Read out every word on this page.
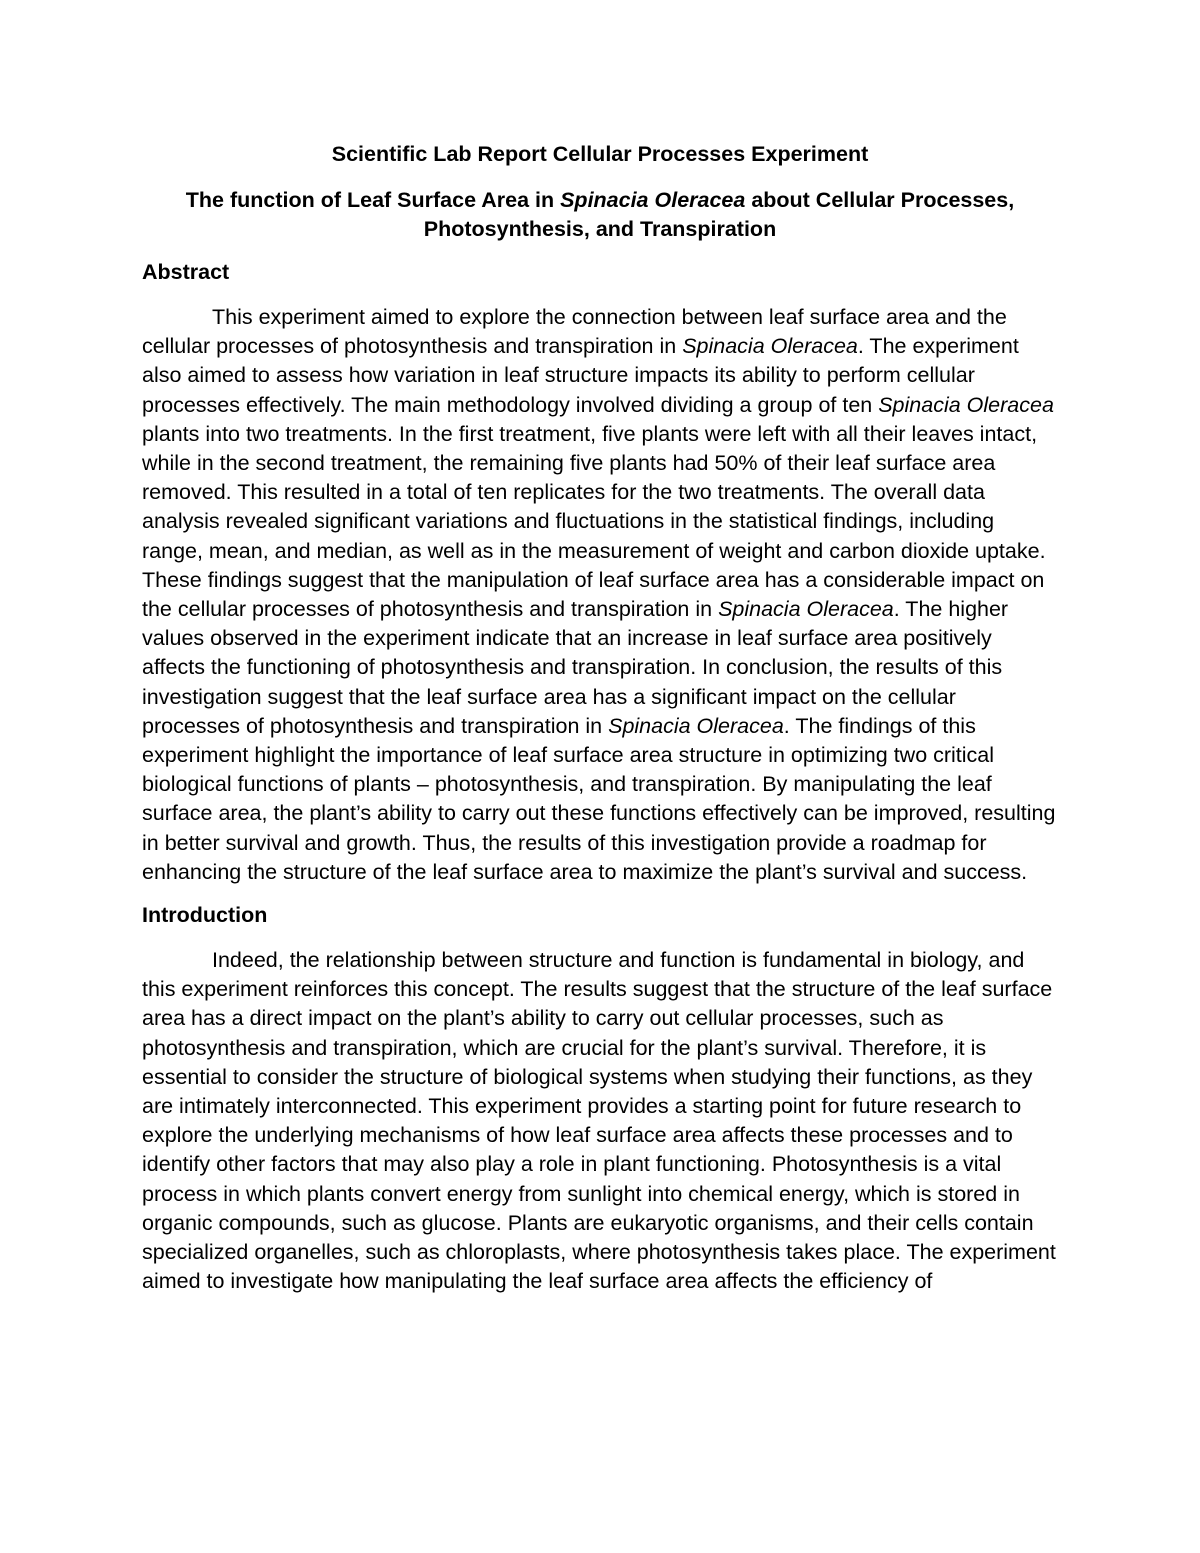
Scientific Lab Report Cellular Processes Experiment
The function of Leaf Surface Area in Spinacia Oleracea about Cellular Processes, Photosynthesis, and Transpiration
Abstract

This experiment aimed to explore the connection between leaf surface area and the cellular processes of photosynthesis and transpiration in Spinacia Oleracea. The experiment also aimed to assess how variation in leaf structure impacts its ability to perform cellular processes effectively. The main methodology involved dividing a group of ten Spinacia Oleracea plants into two treatments. In the first treatment, five plants were left with all their leaves intact, while in the second treatment, the remaining five plants had 50% of their leaf surface area removed. This resulted in a total of ten replicates for the two treatments. The overall data analysis revealed significant variations and fluctuations in the statistical findings, including range, mean, and median, as well as in the measurement of weight and carbon dioxide uptake. These findings suggest that the manipulation of leaf surface area has a considerable impact on the cellular processes of photosynthesis and transpiration in Spinacia Oleracea. The higher values observed in the experiment indicate that an increase in leaf surface area positively affects the functioning of photosynthesis and transpiration. In conclusion, the results of this investigation suggest that the leaf surface area has a significant impact on the cellular processes of photosynthesis and transpiration in Spinacia Oleracea. The findings of this experiment highlight the importance of leaf surface area structure in optimizing two critical biological functions of plants – photosynthesis, and transpiration. By manipulating the leaf surface area, the plant’s ability to carry out these functions effectively can be improved, resulting in better survival and growth. Thus, the results of this investigation provide a roadmap for enhancing the structure of the leaf surface area to maximize the plant’s survival and success.

Introduction

Indeed, the relationship between structure and function is fundamental in biology, and this experiment reinforces this concept. The results suggest that the structure of the leaf surface area has a direct impact on the plant’s ability to carry out cellular processes, such as photosynthesis and transpiration, which are crucial for the plant’s survival. Therefore, it is essential to consider the structure of biological systems when studying their functions, as they are intimately interconnected. This experiment provides a starting point for future research to explore the underlying mechanisms of how leaf surface area affects these processes and to identify other factors that may also play a role in plant functioning. Photosynthesis is a vital process in which plants convert energy from sunlight into chemical energy, which is stored in organic compounds, such as glucose. Plants are eukaryotic organisms, and their cells contain specialized organelles, such as chloroplasts, where photosynthesis takes place. The experiment aimed to investigate how manipulating the leaf surface area affects the efficiency of
